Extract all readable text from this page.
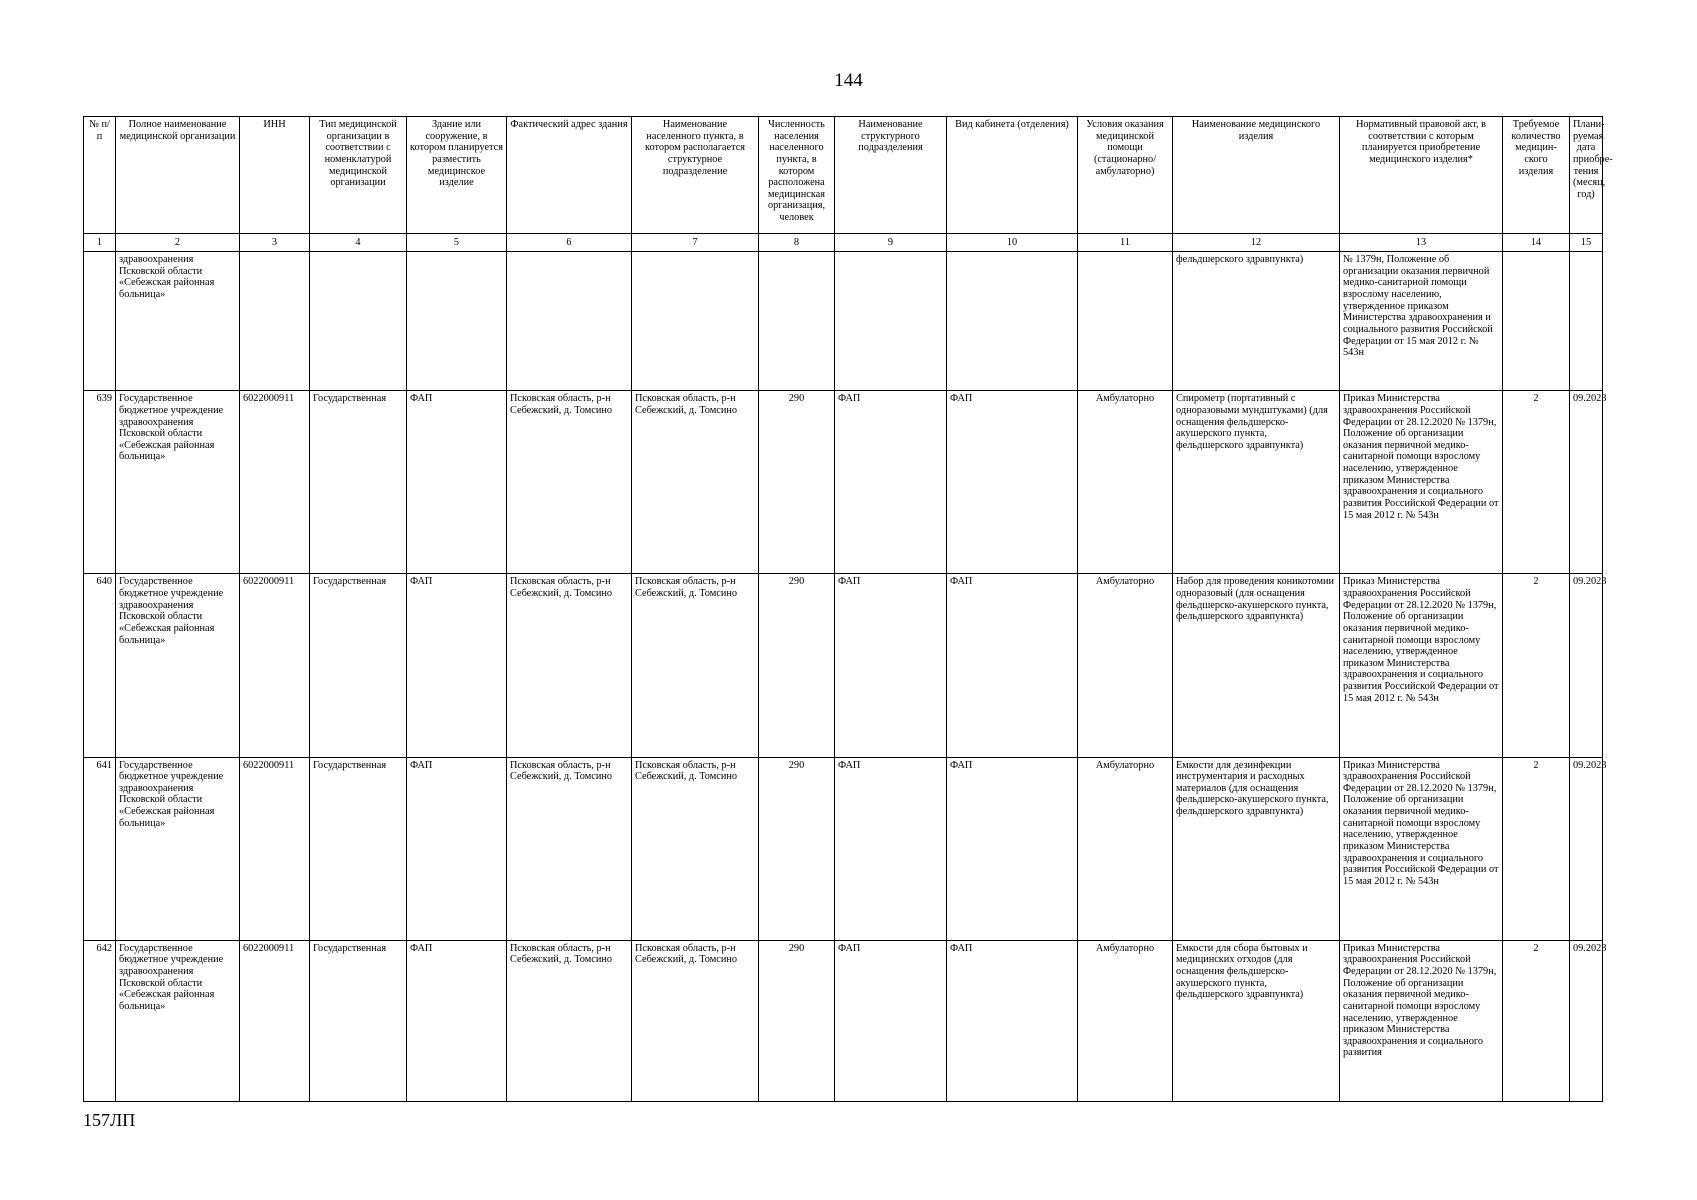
144
№ п/п	Полное наименование медицинской организации	ИНН	Тип медицинской организации в соответствии с номенклатурой медицинской организации	Здание или сооружение, в котором планируется разместить медицинское изделие	Фактический адрес здания	Наименование населенного пункта, в котором располагается структурное подразделение	Численность населения населенного пункта, в котором расположена медицинская организация, человек	Наименование структурного подразделения	Вид кабинета (отделения)	Условия оказания медицинской помощи (стационарно/ амбулаторно)	Наименование медицинского изделия	Нормативный правовой акт, в соответствии с которым планируется приобретение медицинского изделия*	Требуемое количество медицин-ского изделия	Плани-руемая дата приобре-тения (месяц, год)
1	2	3	4	5	6	7	8	9	10	11	12	13	14	15
	здравоохранения Псковской области «Себежская районная больница»										фельдшерского здравпункта)	№ 1379н, Положение об организации оказания первичной медико-санитарной помощи взрослому населению, утвержденное приказом Министерства здравоохранения и социального развития Российской Федерации от 15 мая 2012 г. № 543н		
639	Государственное бюджетное учреждение здравоохранения Псковской области «Себежская районная больница»	6022000911	Государственная	ФАП	Псковская область, р-н Себежский, д. Томсино	Псковская область, р-н Себежский, д. Томсино	290	ФАП	ФАП	Амбулаторно	Спирометр (портативный с одноразовыми мундштуками) (для оснащения фельдшерско-акушерского пункта, фельдшерского здравпункта)	Приказ Министерства здравоохранения Российской Федерации от 28.12.2020 № 1379н, Положение об организации оказания первичной медико-санитарной помощи взрослому населению, утвержденное приказом Министерства здравоохранения и социального развития Российской Федерации от 15 мая 2012 г. № 543н	2	09.2023
640	Государственное бюджетное учреждение здравоохранения Псковской области «Себежская районная больница»	6022000911	Государственная	ФАП	Псковская область, р-н Себежский, д. Томсино	Псковская область, р-н Себежский, д. Томсино	290	ФАП	ФАП	Амбулаторно	Набор для проведения коникотомии одноразовый (для оснащения фельдшерско-акушерского пункта, фельдшерского здравпункта)	Приказ Министерства здравоохранения Российской Федерации от 28.12.2020 № 1379н, Положение об организации оказания первичной медико-санитарной помощи взрослому населению, утвержденное приказом Министерства здравоохранения и социального развития Российской Федерации от 15 мая 2012 г. № 543н	2	09.2023
641	Государственное бюджетное учреждение здравоохранения Псковской области «Себежская районная больница»	6022000911	Государственная	ФАП	Псковская область, р-н Себежский, д. Томсино	Псковская область, р-н Себежский, д. Томсино	290	ФАП	ФАП	Амбулаторно	Емкости для дезинфекции инструментария и расходных материалов (для оснащения фельдшерско-акушерского пункта, фельдшерского здравпункта)	Приказ Министерства здравоохранения Российской Федерации от 28.12.2020 № 1379н, Положение об организации оказания первичной медико-санитарной помощи взрослому населению, утвержденное приказом Министерства здравоохранения и социального развития Российской Федерации от 15 мая 2012 г. № 543н	2	09.2023
642	Государственное бюджетное учреждение здравоохранения Псковской области «Себежская районная больница»	6022000911	Государственная	ФАП	Псковская область, р-н Себежский, д. Томсино	Псковская область, р-н Себежский, д. Томсино	290	ФАП	ФАП	Амбулаторно	Емкости для сбора бытовых и медицинских отходов (для оснащения фельдшерско-акушерского пункта, фельдшерского здравпункта)	Приказ Министерства здравоохранения Российской Федерации от 28.12.2020 № 1379н, Положение об организации оказания первичной медико-санитарной помощи взрослому населению, утвержденное приказом Министерства здравоохранения и социального развития	2	09.2023
157ЛП
